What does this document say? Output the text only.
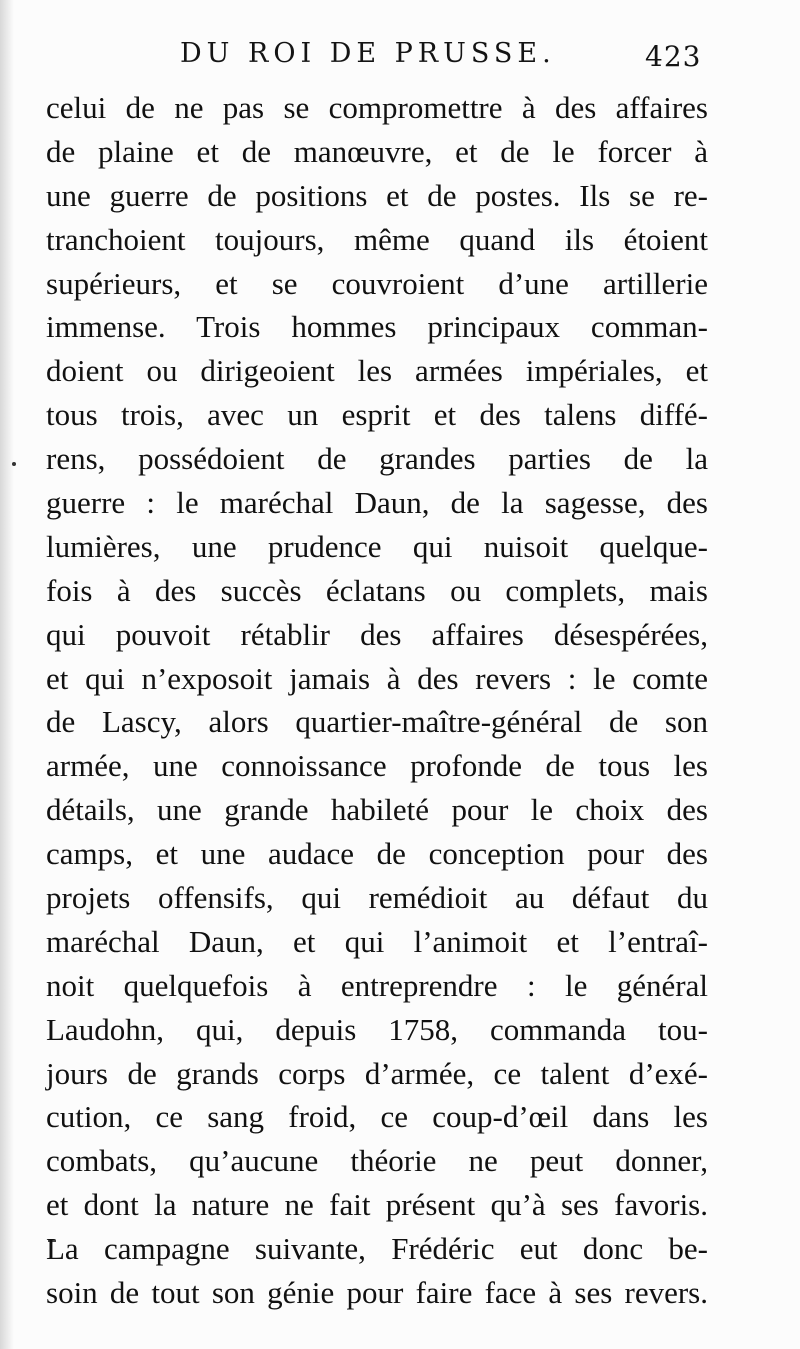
DU ROI DE PRUSSE.	423
celui de ne pas se compromettre à des affaires
de plaine et de manœuvre, et de le forcer à
une guerre de positions et de postes. Ils se re-
tranchoient toujours, même quand ils étoient
supérieurs, et se couvroient d’une artillerie
immense. Trois hommes principaux comman-
doient ou dirigeoient les armées impériales, et
tous trois, avec un esprit et des talens diffé-
rens, possédoient de grandes parties de la
guerre : le maréchal Daun, de la sagesse, des
lumières, une prudence qui nuisoit quelque-
fois à des succès éclatans ou complets, mais
qui pouvoit rétablir des affaires désespérées,
et qui n’exposoit jamais à des revers : le comte
de Lascy, alors quartier-maître-général de son
armée, une connoissance profonde de tous les
détails, une grande habileté pour le choix des
camps, et une audace de conception pour des
projets offensifs, qui remédioit au défaut du
maréchal Daun, et qui l’animoit et l’entraî-
noit quelquefois à entreprendre : le général
Laudohn, qui, depuis 1758, commanda tou-
jours de grands corps d’armée, ce talent d’exé-
cution, ce sang froid, ce coup-d’œil dans les
combats, qu’aucune théorie ne peut donner,
et dont la nature ne fait présent qu’à ses favoris.
La campagne suivante, Frédéric eut donc be-
soin de tout son génie pour faire face à ses revers.
